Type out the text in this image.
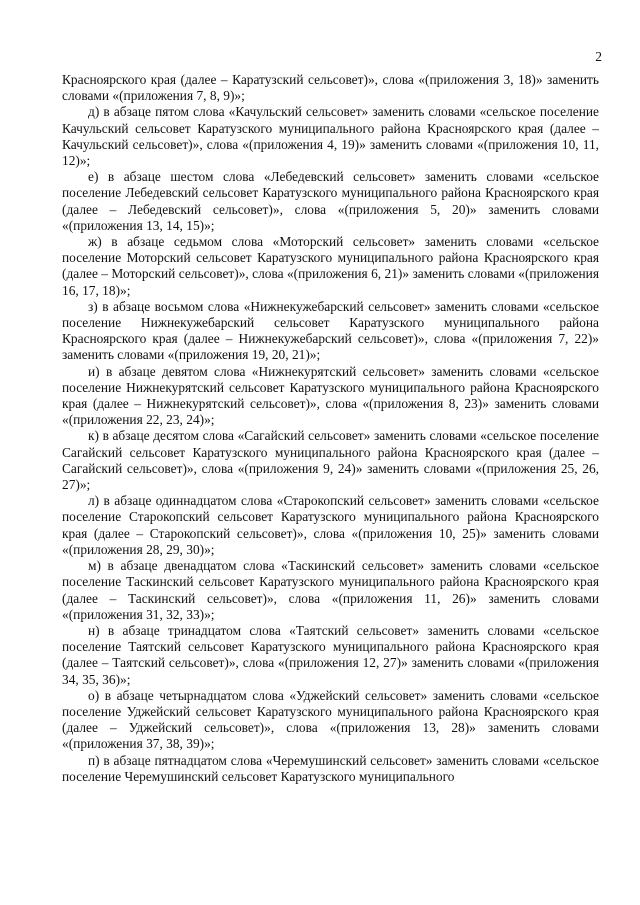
2

Красноярского края (далее – Каратузский сельсовет)», слова «(приложения 3, 18)» заменить словами «(приложения 7, 8, 9)»;

д) в абзаце пятом слова «Качульский сельсовет» заменить словами «сельское поселение Качульский сельсовет Каратузского муниципального района Красноярского края (далее – Качульский сельсовет)», слова «(приложения 4, 19)» заменить словами «(приложения 10, 11, 12)»;

е) в абзаце шестом слова «Лебедевский сельсовет» заменить словами «сельское поселение Лебедевский сельсовет Каратузского муниципального района Красноярского края (далее – Лебедевский сельсовет)», слова «(приложения 5, 20)» заменить словами «(приложения 13, 14, 15)»;

ж) в абзаце седьмом слова «Моторский сельсовет» заменить словами «сельское поселение Моторский сельсовет Каратузского муниципального района Красноярского края (далее – Моторский сельсовет)», слова «(приложения 6, 21)» заменить словами «(приложения 16, 17, 18)»;

з) в абзаце восьмом слова «Нижнекужебарский сельсовет» заменить словами «сельское поселение Нижнекужебарский сельсовет Каратузского муниципального района Красноярского края (далее – Нижнекужебарский сельсовет)», слова «(приложения 7, 22)» заменить словами «(приложения 19, 20, 21)»;

и) в абзаце девятом слова «Нижнекурятский сельсовет» заменить словами «сельское поселение Нижнекурятский сельсовет Каратузского муниципального района Красноярского края (далее – Нижнекурятский сельсовет)», слова «(приложения 8, 23)» заменить словами «(приложения 22, 23, 24)»;

к) в абзаце десятом слова «Сагайский сельсовет» заменить словами «сельское поселение Сагайский сельсовет Каратузского муниципального района Красноярского края (далее – Сагайский сельсовет)», слова «(приложения 9, 24)» заменить словами «(приложения 25, 26, 27)»;

л) в абзаце одиннадцатом слова «Старокопский сельсовет» заменить словами «сельское поселение Старокопский сельсовет Каратузского муниципального района Красноярского края (далее – Старокопский сельсовет)», слова «(приложения 10, 25)» заменить словами «(приложения 28, 29, 30)»;

м) в абзаце двенадцатом слова «Таскинский сельсовет» заменить словами «сельское поселение Таскинский сельсовет Каратузского муниципального района Красноярского края (далее – Таскинский сельсовет)», слова «(приложения 11, 26)» заменить словами «(приложения 31, 32, 33)»;

н) в абзаце тринадцатом слова «Таятский сельсовет» заменить словами «сельское поселение Таятский сельсовет Каратузского муниципального района Красноярского края (далее – Таятский сельсовет)», слова «(приложения 12, 27)» заменить словами «(приложения 34, 35, 36)»;

о) в абзаце четырнадцатом слова «Уджейский сельсовет» заменить словами «сельское поселение Уджейский сельсовет Каратузского муниципального района Красноярского края (далее – Уджейский сельсовет)», слова «(приложения 13, 28)» заменить словами «(приложения 37, 38, 39)»;

п) в абзаце пятнадцатом слова «Черемушинский сельсовет» заменить словами «сельское поселение Черемушинский сельсовет Каратузского муниципального
